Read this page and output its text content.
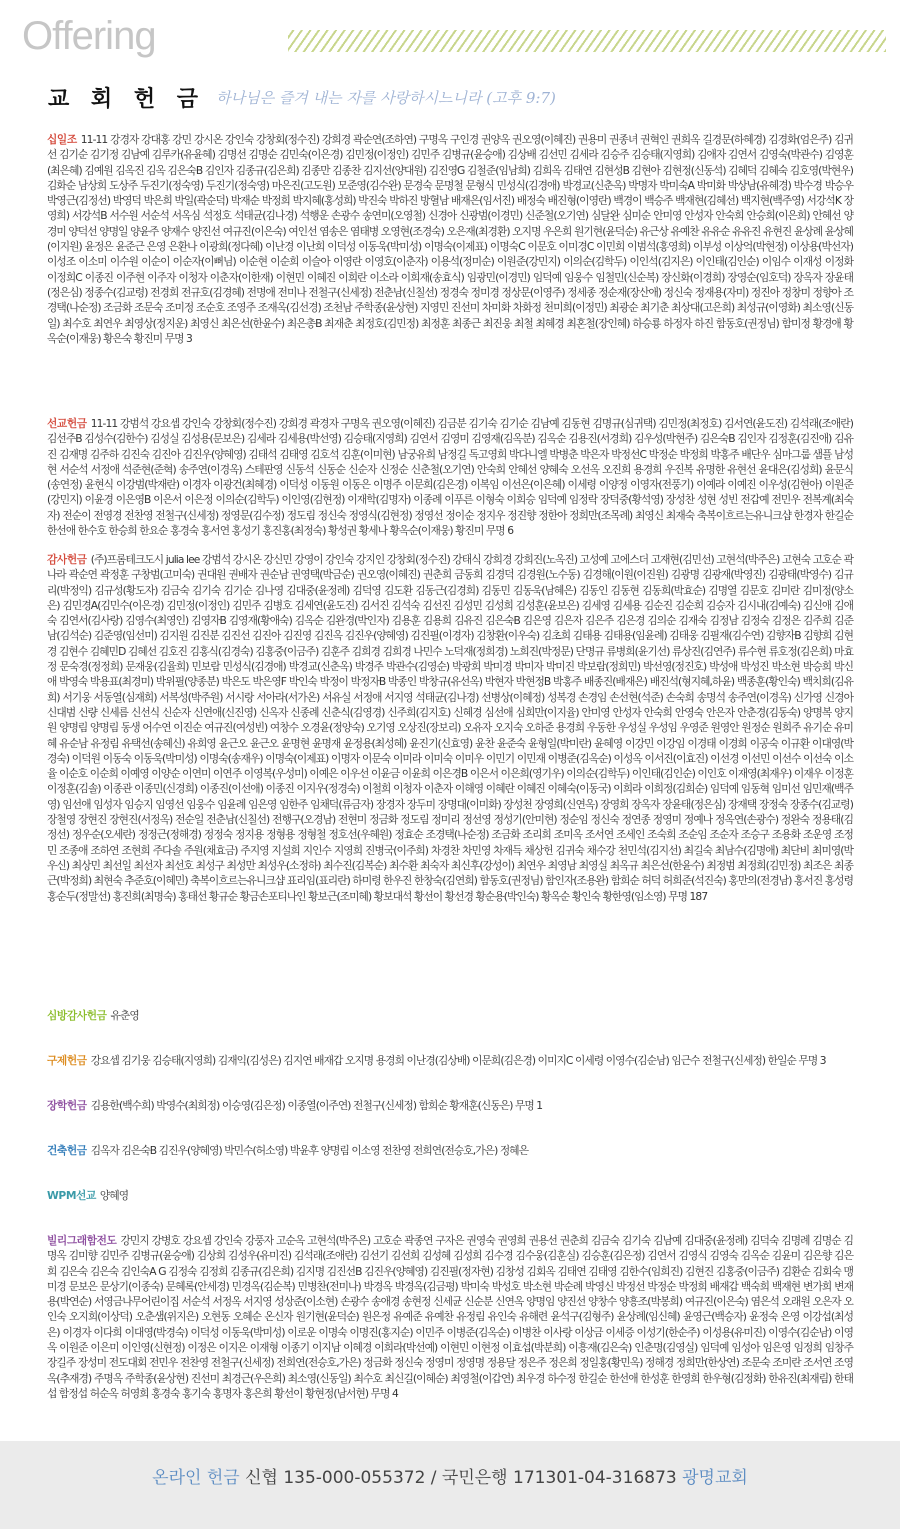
Offering
교 회 헌 금 하나님은 즐겨 내는 자를 사랑하시느니라 (고후 9:7)
십일조 11-11 강경자 강대홍 강민 강시온 강인숙 강창회(정수진) 강희경 곽순연(조하연) 구명옥 구인경 권양옥 권오영(이혜진) 권용미 권종녀 권혁인 권희옥 길경문(하혜경) 김경화(엄은주) 김귀선 김기순 김기정 김남예 김루카(유윤혜) 김명선 김명순 김민숙(이은경) 김민정(이정인) 김민주 김병규(윤승애) 김상배 김선민 김세라 김승주 김승태(지영희) 김애자 김연서 김영숙(박관수) 김영훈(최은혜) 김예원 김옥진 김옥 김은숙B 김인자 김종규(김은희) 김종만 김종찬 김지선(양대원) 김진영G 김철준(임남희) 김희옥 김태연 김현성B 김현아 김현정(신동석) 김혜덕 김혜숙 김호영(박현우) 김화순 남상희 도상주 두진기(정숙영) 두진기(정숙영) 마은진(고도원) 모준영(김수완) 문경숙 문명철 문형식 민성식(김경애) 박경교(신춘옥) 박명자 박미숙A 박미화 박상남(유혜경) 박수경 박승우 박영근(김정선) 박영덕 박은희 박일(곽순덕) 박재순 박정희 박지혜(홍성희) 박진숙 박하진 방혈남 배재은(임서진) 배정숙 배진형(이영란) 백경이 백승주 백재현(김혜선) 백지현(백주영) 서강석K 장영희) 서강석B 서수원 서순석 서옥심 석정호 석태균(김나경) 석행운 손광수 송연미(오영철) 신경아 신광범(이경민) 신준철(오기연) 심달완 심미순 안미영 안성자 안숙희 안승희(이은희) 안혜선 양경미 양덕선 양명일 양윤주 양재수 양진선 여규진(이은숙) 여인선 염송은 염태병 오영현(조경숙) 오은재(최경환) 오지명 우은희 원기현(윤덕순) 유근상 유예찬 유유순 유유진 유현진 윤상례 윤상혜(이지원) 윤정은 윤준근 은영 은환나 이광희(정다혜) 이난경 이난희 이덕성 이동욱(박미성) 이명숙(이제표) 이명숙C 이문호 이미경C 이민희 이범석(홍영희) 이부성 이상억(박현정) 이상용(박선자) 이성조 이소미 이수원 이순이 이순자(이뻐님) 이순현 이순희 이슬아 이영란 이영호(이춘자) 이용석(정미순) 이원준(강민지) 이의순(김학두) 이인석(김지은) 이인태(김인순) 이임수 이재성 이정화 이정희C 이종진 이주현 이주자 이청자 이춘자(이한재) 이현민 이혜진 이희란 이소라 이희재(송효식) 임광민(이경민) 임덕예 임웅수 임철민(신순복) 장신화(이경희) 장영순(임호덕) 장옥자 장윤태(정은심) 정종수(김교령) 전경희 전규호(김경혜) 전명애 전미나 전철구(신세정) 전춘남(신칠선) 정경숙 정미경 정상문(이영주) 정세종 정순재(장산애) 정신숙 정재용(자미) 정진아 정창미 정향아 조경택(나순정) 조금화 조문숙 조미정 조순호 조영주 조재옥(김선경) 조천남 주학종(윤상현) 지영민 진선미 차미화 차화정 천미희(이정민) 최광순 최기춘 최상대(고은희) 최성규(이영화) 최소영(신동일) 최수호 최연우 최영상(정지운) 최영신 최은선(한윤수) 최은총B 최재춘 최정호(김민정) 최정훈 최종근 최진웅 최철 최혜경 최혼철(장인혜) 하승룡 하정자 하진 함동호(권정님) 함미정 황경애 황옥순(이재웅) 황은숙 황진미 무명 3
선교헌금 11-11 강범석 강요셉 강인숙 강창회(정수진) 강희경 곽경자 구명옥 권오영(이혜진) 김금분 김기숙 김기순 김남예 김동현 김명규(심귀택) 김민정(최정호) 김서연(윤도진) 김석래(조애란) 김선주B 김성수(김한수) 김성실 김성용(문보은) 김세라 김세용(박선영) 김승태(지영희) 김연서 김영미 김영재(김옥분) 김옥순 김용진(서경희) 김우성(박현주) 김은숙B 김인자 김정훈(김진애) 김유진 김재명 김주하 김진숙 김진아 김진우(양혜영) 김태석 김태영 김호석 김훈(이미현) 남궁유희 남정길 독고영희 박다니엘 박병춘 박은자 박정선C 박정순 박정희 박홍주 배단우 심마그룹 샘플 남성현 서순석 서정애 석준현(준혁) 송주연(이경옥) 스테판영 신동석 신동순 신순자 신정순 신춘철(오기연) 안숙희 안혜선 양혜숙 오선옥 오진희 용경희 우진복 유명한 유현선 윤대은(김성희) 윤문식(송연정) 윤현식 이강범(박재란) 이경자 이광건(최혜경) 이덕성 이동원 이동은 이명주 이문희(김은경) 이복임 이선은(이은혜) 이세령 이양정 이영자(전풍기) 이예라 이예진 이우성(김현아) 이원준(강민지) 이윤경 이은영B 이은서 이은정 이의순(김학두) 이인영(김현정) 이재학(김명자) 이종례 이푸른 이형숙 이희승 임덕예 임정락 장덕중(황석영) 장성찬 성현 성빈 전갑예 전민우 전복계(최숙자) 전순이 전영경 전찬영 전철구(신세정) 정영문(김수정) 정도림 정신숙 정영식(김현정) 정영선 정이순 정지우 정진향 정한아 정희만(조목례) 최영신 최재숙 축복이흐르는유니크샵 한경자 한길순 한선애 한수호 한승희 한요순 홍경숙 홍서연 홍성기 홍진홍(최정숙) 황성권 황세나 황옥순(이재웅) 황진미 무명 6
감사헌금 (주)프롬테크도시 julia lee 강범석 강시온 강신민 강영이 강인숙 강지인 강창회(정수진) 강태식 강희경 강희진(노옥진) 고성예 고에스더 고재현(김민선) 고현석(박주은) 고현숙 고호순 곽나라 곽순연 곽정훈 구창범(고미숙) 권대원 권배자 권순남 권영택(박금순) 권오영(이혜진) 권춘희 금동희 김경덕 김경원(노수동) 김경해(이원(이진원) 김광명 김광재(박영진) 김광태(박영수) 김규리(박정익) 김규성(황도자) 김금숙 김기숙 김기순 김나영 김대중(윤정례) 김덕영 김도환 김동근(김경희) 김동민 김동욱(남혜은) 김동인 김동현 김동희(박효순) 김명열 김문호 김미란 김미정(양소은) 김민경A(김민수(이은경) 김민정(이정인) 김민주 김병호 김세연(윤도진) 김서진 김석숙 김선진 김성민 김성희 김성훈(윤보은) 김세영 김세용 김순진 김순희 김승자 김시내(김예숙) 김신애 김애숙 김연서(김사랑) 김영수(최영인) 김영자B 김영재(황애숙) 김옥순 김완경(박인자) 김용훈 김용희 김유진 김은숙B 김은영 김은자 김은주 김은경 김의순 김재숙 김정남 김정숙 김정은 김주희 김준남(김석순) 김준영(임선미) 김지원 김진분 김진선 김진아 김진영 김진옥 김진우(양혜영) 김진필(이경자) 김창환(이우숙) 김초희 김태용 김태용(임윤례) 김태웅 김필재(김수연) 김향자B 김향희 김현경 김현수 김혜민D 김혜선 김호진 김홍식(김경숙) 김홍중(이금주) 김훈주 김희경 김희경 나민수 노덕재(정희경) 노희진(박정문) 단명규 류병희(윤기선) 류상진(김연주) 류수현 류호정(김은희) 마효정 문숙경(정정희) 문재웅(김율희) 민보람 민성식(김경애) 박경교(신춘옥) 박경주 박관수(김영순) 박광희 박미경 박미자 박미진 박보람(정희민) 박선영(정진호) 박성애 박성진 박소현 박승희 박신애 박영숙 박용표(최경미) 박위필(양종분) 박은도 박은영F 박인숙 박정이 박정자B 박종인 박창규(유선옥) 박현자 박현정B 박홍주 배종진(배재은) 배진석(형지혜,하윤) 백종훈(황인숙) 백치희(김유희) 서기웅 서동열(심재희) 서복성(박주원) 서시랑 서아라(서가온) 서유실 서정애 서지영 석태균(김나경) 선병상(이혜정) 성복경 손경임 손선현(석준) 손숙희 송명석 송주연(이경옥) 신가영 신경아 신대범 신량 신세름 신선식 신순자 신연애(신진영) 신옥자 신종례 신춘식(김영경) 신주희(김지호) 신혜경 심선애 심희만(이지율) 안미영 안성자 안숙희 안영숙 안은자 안춘경(김동숙) 양명복 양지원 양명림 양명림 동생 어수연 이진순 여규진(여성빈) 여창수 오경윤(정양숙) 오기영 오상진(장보리) 오유자 오지숙 오하준 용경희 우동한 우성실 우성임 우영준 원영안 원정순 원희주 유기순 유미혜 유순남 유정림 유택선(송혜신) 유희영 윤근오 윤근오 윤명현 윤명재 윤정용(최성혜) 윤진기(신효영) 윤찬 윤준숙 윤형일(박미란) 윤혜영 이강민 이강임 이경태 이경희 이공숙 이규환 이대영(박경숙) 이덕원 이동숙 이동욱(박미성) 이명숙(송재우) 이명숙(이제표) 이명자 이문숙 이미라 이미숙 이미우 이민기 이민재 이병준(김옥순) 이성옥 이서진(이효진) 이선경 이선민 이선수 이선숙 이소율 이순호 이순희 이예영 이양순 이연미 이연주 이영복(우성미) 이예은 이우선 이윤금 이윤희 이은경B 이은서 이은희(영기우) 이의순(김학두) 이인태(김인순) 이인호 이재영(최재우) 이재우 이정훈 이정훈(김솔) 이종관 이종민(신경희) 이종진(이선애) 이종진 이지우(정경숙) 이철희 이청자 이춘자 이해영 이혜란 이혜진 이혜숙(이동국) 이희라 이희정(김희순) 임덕예 임동혁 임미선 임민재(백주영) 임선애 임성자 임승지 임영선 임웅수 임윤례 임은영 임한주 임채덕(류금자) 장경자 장두미 장명대(이미화) 장성천 장영희(신연옥) 장영희 장옥자 장윤태(정은심) 장재택 장정숙 장종수(김교령) 장철영 장현진 장현진(서정옥) 전순일 전춘남(신칠선) 전행구(오경남) 전현미 정금화 정도림 정미리 정선영 정성기(안미현) 정순임 정신숙 정연종 정영미 정예나 정옥연(손광수) 정완숙 정용태(김정선) 정우순(오세란) 정정근(정해경) 정정숙 정지용 정형용 정형철 정호선(우혜원) 정효순 조경택(나순정) 조금화 조리희 조미옥 조서연 조세인 조숙희 조순임 조순자 조승구 조용화 조운영 조정민 조종애 조하연 조현희 주다솔 주원(채효금) 주지영 지설희 지인수 지영희 진병국(이주희) 차경찬 차민영 차재득 채상헌 김귀숙 채수강 천민석(김지선) 최길숙 최남수(김명애) 최단비 최미영(박우신) 최상민 최선일 최선자 최선호 최성구 최성만 최성우(소정하) 최수진(김복순) 최수환 최숙자 최신후(강성이) 최연우 최영남 최영실 최옥규 최은선(한윤수) 최정범 최정희(김민정) 최조은 최종근(박정희) 최현숙 추준호(이혜민) 축복이흐르는유니크샵 표리임(표리란) 하미령 한우진 한창숙(김연희) 함동호(권정님) 함인자(조용완) 함희순 허덕 허희준(석진숙) 홍만의(전경남) 홍서진 홍성령 홍순두(정말선) 홍진희(최명숙) 홍태선 황규순 황금손포티나인 황보근(조미혜) 황보대석 황선이 황선경 황순용(박인숙) 황옥순 황인숙 황한영(임소영) 무명 187
심방감사헌금 유춘영
구제헌금 강요셉 김기웅 김승태(지영희) 김재익(김성은) 김지연 배재갑 오지명 용경희 이난경(김상배) 이문희(김은경) 이미지C 이세령 이영수(김순남) 임근수 전철구(신세정) 한일순 무명 3
장학헌금 김용한(백수희) 박영수(최희정) 이승영(김은정) 이종열(이주연) 전철구(신세정) 함희순 황재훈(신동은) 무명 1
건축헌금 김옥자 김은숙B 김진우(양혜영) 박민수(허소영) 박윤후 양명림 이소영 전찬영 전희연(전승호,가은) 정혜은
WPM선교 양혜영
빌리그래함전도 강민지 강병호 강요셉 강인숙 강풍자 고순옥 고현석(박주은) 고호순 곽종연 구자은 권영숙 권영희 권용선 권춘희 김금숙 김기숙 김남예 김대중(윤정례) 김덕숙 김명례 김명순 김명옥 김미향 김민주 김병규(윤승애) 김상희 김성우(유미진) 김석래(조애란) 김선기 김선희 김성혜 김성희 김수경 김수웅(김훈실) 김승훈(김은정) 김연서 김영식 김영숙 김옥순 김윤미 김은향 김은희 김은숙 김은숙 김인숙A G 김정숙 김정희 김종규(김은희) 김지명 김진선B 김진우(양혜영) 김진필(정자현) 김창성 김회옥 김태연 김태영 김한수(임희진) 김현진 김홍중(이금주) 김환순 김회숙 맹미경 문보은 문상기(이종숙) 문혜록(안세경) 민경옥(김순복) 민병찬(전미나) 박경옥 박경옥(김금평) 박미숙 박성호 박소현 박순례 박영신 박정선 박정순 박정희 배재갑 백숙희 백재현 변가희 변재용(박연순) 서영금나무어린이집 서순석 서정옥 서지영 성상준(이소현) 손광수 송애경 송현정 신세균 신순분 신연옥 양명임 양진선 양창수 양흥조(박봉희) 여규진(이은숙) 염은석 오래원 오은자 오인숙 오지희(이상덕) 오춘샘(위지은) 오현동 오혜순 온신자 원기현(윤덕순) 원은정 유예준 유예찬 유정림 유인숙 유해련 윤석구(김형주) 윤상례(임신혜) 윤영근(백승자) 윤정숙 은영 이강섭(최성은) 이경자 이다희 이대영(박경숙) 이덕성 이동욱(박미성) 이로운 이명숙 이명진(홍지순) 이민주 이병준(김옥순) 이병찬 이사랑 이상금 이세증 이성기(한순주) 이성용(유미진) 이영수(김순남) 이영옥 이원준 이은미 이인영(신현정) 이정은 이지은 이재형 이종기 이지남 이혜경 이희라(박선예) 이현민 이현정 이효섭(박분희) 이흥재(김은숙) 인춘명(김영실) 임덕예 임성아 임은영 임정희 임창주 장길주 장성미 전도대회 전민우 전찬영 전철구(신세정) 전희연(전승호,가은) 정금화 정신숙 정영미 정영명 정용달 정은주 정은희 정일홍(황민옥) 정해경 정희만(한상연) 조문숙 조미란 조서연 조영옥(추재경) 주명옥 주학종(윤상현) 진선미 최경근(우은희) 최소영(신동일) 최수호 최신길(이혜순) 최영철(이갑연) 최우경 하수정 한길순 한선애 한성훈 한영희 한우형(김정화) 한유진(최재림) 한태섭 함정섭 허순옥 허영희 홍경숙 홍기숙 홍명자 홍은희 황선이 황현정(남서현) 무명 4
온라인 헌금 신협 135-000-055372 / 국민은행 171301-04-316873 광명교회
